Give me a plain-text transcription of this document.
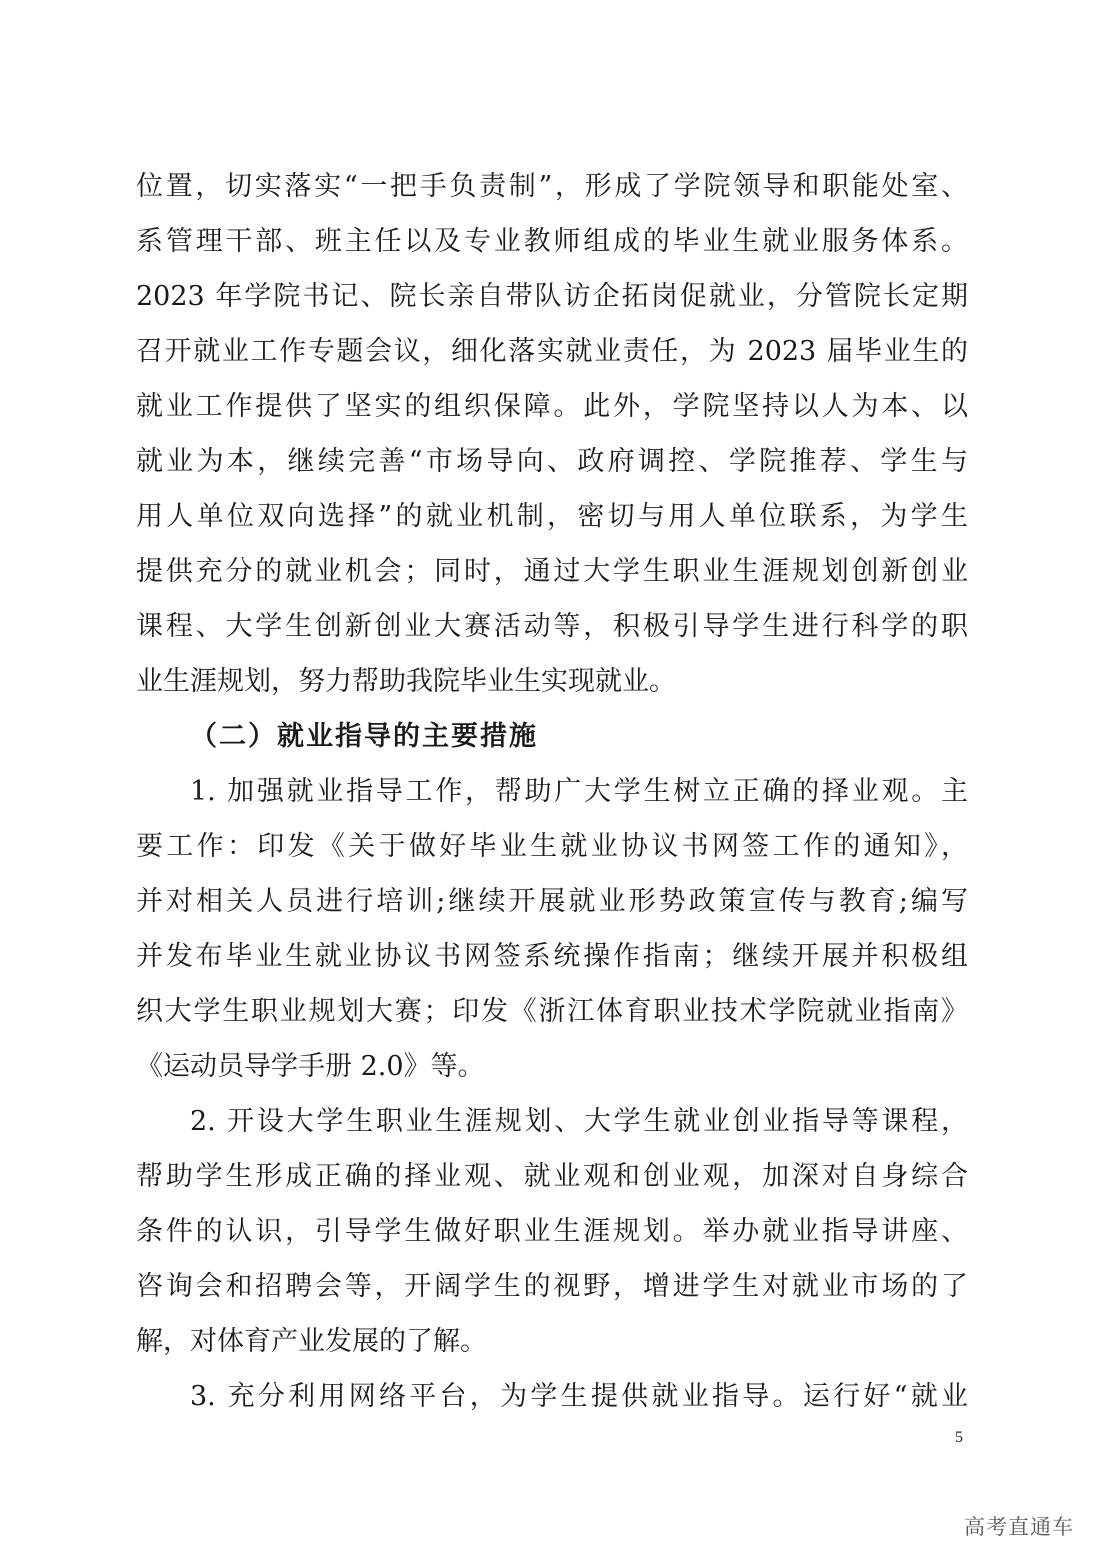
位置，切实落实“一把手负责制”，形成了学院领导和职能处室、
系管理干部、班主任以及专业教师组成的毕业生就业服务体系。
2023 年学院书记、院长亲自带队访企拓岗促就业，分管院长定期
召开就业工作专题会议，细化落实就业责任，为 2023 届毕业生的
就业工作提供了坚实的组织保障。此外，学院坚持以人为本、以
就业为本，继续完善“市场导向、政府调控、学院推荐、学生与
用人单位双向选择”的就业机制，密切与用人单位联系，为学生
提供充分的就业机会；同时，通过大学生职业生涯规划创新创业
课程、大学生创新创业大赛活动等，积极引导学生进行科学的职
业生涯规划，努力帮助我院毕业生实现就业。
（二）就业指导的主要措施
1. 加强就业指导工作，帮助广大学生树立正确的择业观。主
要工作：印发《关于做好毕业生就业协议书网签工作的通知》，
并对相关人员进行培训;继续开展就业形势政策宣传与教育;编写
并发布毕业生就业协议书网签系统操作指南；继续开展并积极组
织大学生职业规划大赛；印发《浙江体育职业技术学院就业指南》
《运动员导学手册 2.0》等。
2. 开设大学生职业生涯规划、大学生就业创业指导等课程，
帮助学生形成正确的择业观、就业观和创业观，加深对自身综合
条件的认识，引导学生做好职业生涯规划。举办就业指导讲座、
咨询会和招聘会等，开阔学生的视野，增进学生对就业市场的了
解，对体育产业发展的了解。
3. 充分利用网络平台，为学生提供就业指导。运行好“就业
5
高考直通车
